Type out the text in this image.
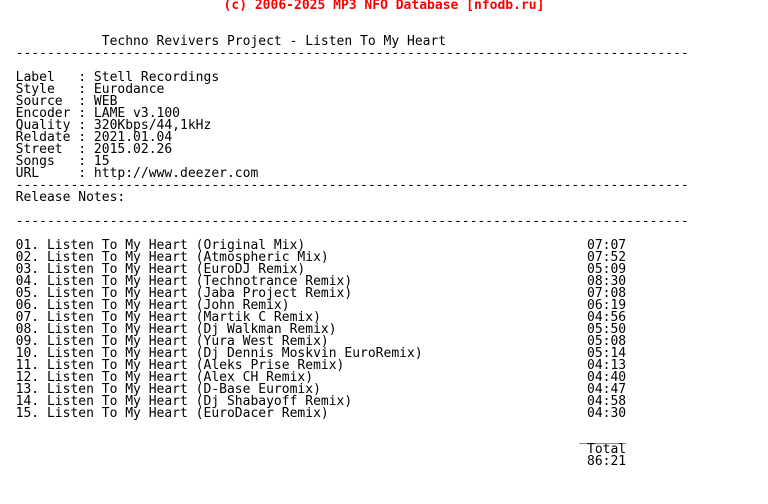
(c) 2006-2025 MP3 NFO Database [nfodb.ru]

Techno Revivers Project - Listen To My Heart
--------------------------------------------------------------------------------------

Label   : Stell Recordings
Style   : Eurodance
Source  : WEB
Encoder : LAME v3.100
Quality : 320Kbps/44,1kHz
Reldate : 2021.01.04
Street  : 2015.02.26
Songs   : 15
URL     : http://www.deezer.com
--------------------------------------------------------------------------------------
Release Notes:

--------------------------------------------------------------------------------------

01. Listen To My Heart (Original Mix)                                    07:07
02. Listen To My Heart (Atmospheric Mix)                                 07:52
03. Listen To My Heart (EuroDJ Remix)                                    05:09
04. Listen To My Heart (Technotrance Remix)                              08:30
05. Listen To My Heart (Jaba Project Remix)                              07:08
06. Listen To My Heart (John Remix)                                      06:19
07. Listen To My Heart (Martik C Remix)                                  04:56
08. Listen To My Heart (Dj Walkman Remix)                                05:50
09. Listen To My Heart (Yura West Remix)                                 05:08
10. Listen To My Heart (Dj Dennis Moskvin EuroRemix)                     05:14
11. Listen To My Heart (Aleks Prise Remix)                               04:13
12. Listen To My Heart (Alex CH Remix)                                   04:40
13. Listen To My Heart (D-Base Euromix)                                  04:47
14. Listen To My Heart (Dj Shabayoff Remix)                              04:58
15. Listen To My Heart (EuroDacer Remix)                                 04:30

______
Total
86:21
